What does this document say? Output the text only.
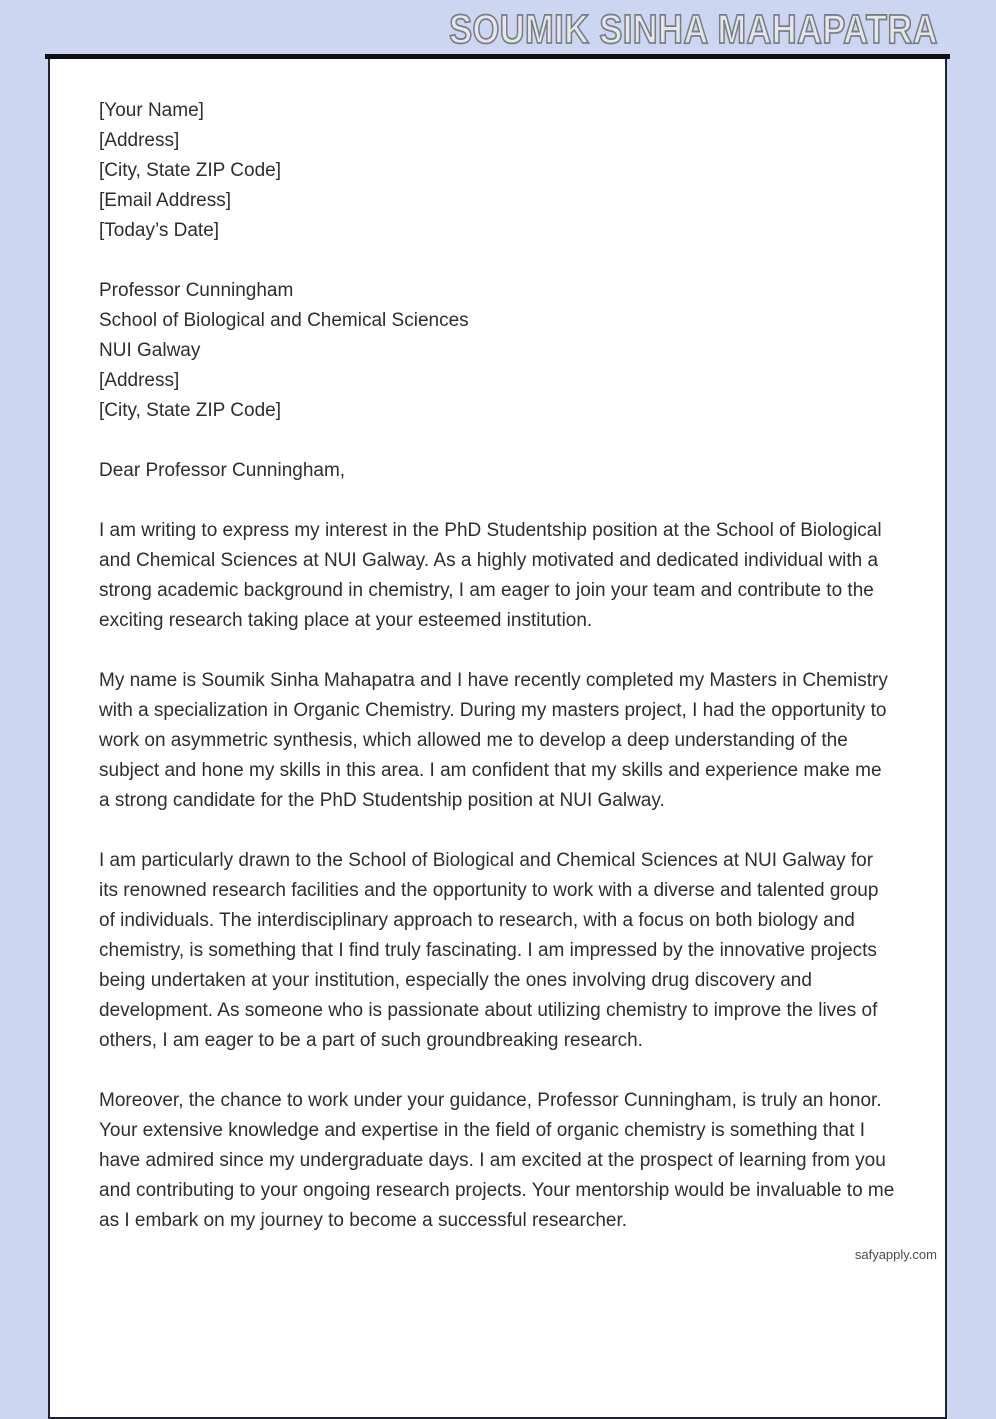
SOUMIK SINHA MAHAPATRA

[Your Name]

[Address]

[City, State ZIP Code]

[Email Address]

[Today’s Date]

Professor Cunningham

School of Biological and Chemical Sciences

NUI Galway

[Address]

[City, State ZIP Code]

Dear Professor Cunningham,

I am writing to express my interest in the PhD Studentship position at the School of Biological and Chemical Sciences at NUI Galway. As a highly motivated and dedicated individual with a strong academic background in chemistry, I am eager to join your team and contribute to the exciting research taking place at your esteemed institution.

My name is Soumik Sinha Mahapatra and I have recently completed my Masters in Chemistry with a specialization in Organic Chemistry. During my masters project, I had the opportunity to work on asymmetric synthesis, which allowed me to develop a deep understanding of the subject and hone my skills in this area. I am confident that my skills and experience make me a strong candidate for the PhD Studentship position at NUI Galway.

I am particularly drawn to the School of Biological and Chemical Sciences at NUI Galway for its renowned research facilities and the opportunity to work with a diverse and talented group of individuals. The interdisciplinary approach to research, with a focus on both biology and chemistry, is something that I find truly fascinating. I am impressed by the innovative projects being undertaken at your institution, especially the ones involving drug discovery and development. As someone who is passionate about utilizing chemistry to improve the lives of others, I am eager to be a part of such groundbreaking research.

Moreover, the chance to work under your guidance, Professor Cunningham, is truly an honor. Your extensive knowledge and expertise in the field of organic chemistry is something that I have admired since my undergraduate days. I am excited at the prospect of learning from you and contributing to your ongoing research projects. Your mentorship would be invaluable to me as I embark on my journey to become a successful researcher.

safyapply.com
